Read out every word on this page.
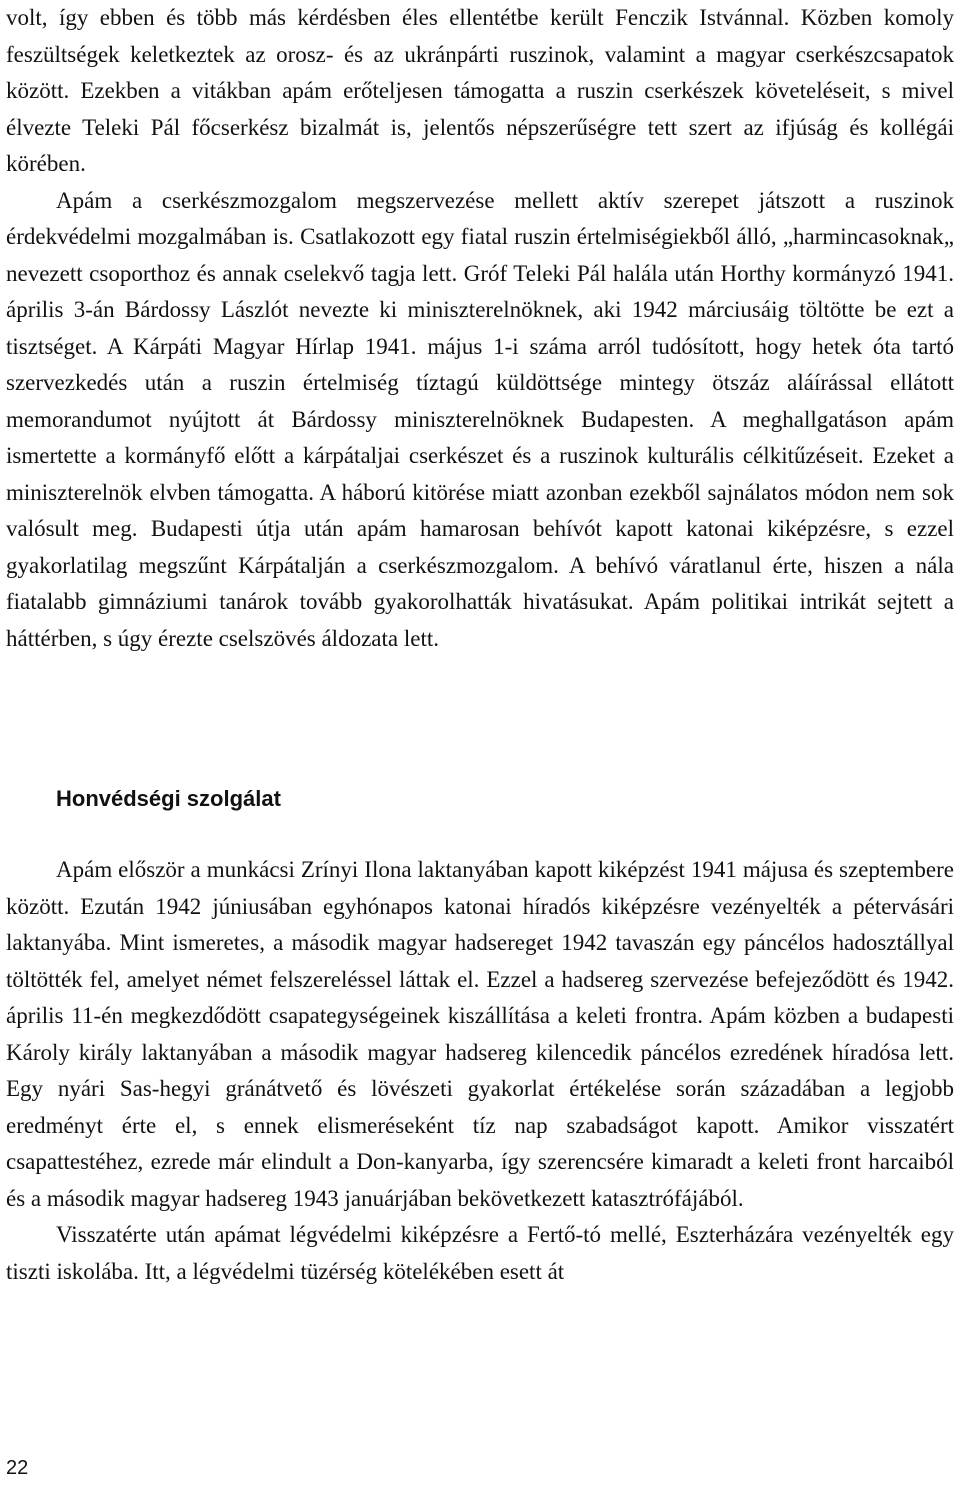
volt, így ebben és több más kérdésben éles ellentétbe került Fenczik Istvánnal. Közben komoly feszültségek keletkeztek az orosz- és az ukránpárti ruszinok, valamint a magyar cserkészcsapatok között. Ezekben a vitákban apám erőteljesen támogatta a ruszin cserkészek követeléseit, s mivel élvezte Teleki Pál főcserkész bizalmát is, jelentős népszerűségre tett szert az ifjúság és kollégái körében.

Apám a cserkészmozgalom megszervezése mellett aktív szerepet játszott a ruszinok érdekvédelmi mozgalmában is. Csatlakozott egy fiatal ruszin értelmiségiekből álló, „harmincasoknak„ nevezett csoporthoz és annak cselekvő tagja lett. Gróf Teleki Pál halála után Horthy kormányzó 1941. április 3-án Bárdossy Lászlót nevezte ki miniszterelnöknek, aki 1942 márciusáig töltötte be ezt a tisztséget. A Kárpáti Magyar Hírlap 1941. május 1-i száma arról tudósított, hogy hetek óta tartó szervezkedés után a ruszin értelmiség tíztagú küldöttsége mintegy ötszáz aláírással ellátott memorandumot nyújtott át Bárdossy miniszterelnöknek Budapesten. A meghallgatáson apám ismertette a kormányfő előtt a kárpátaljai cserkészet és a ruszinok kulturális célkitűzéseit. Ezeket a miniszterelnök elvben támogatta. A háború kitörése miatt azonban ezekből sajnálatos módon nem sok valósult meg. Budapesti útja után apám hamarosan behívót kapott katonai kiképzésre, s ezzel gyakorlatilag megszűnt Kárpátalján a cserkészmozgalom. A behívó váratlanul érte, hiszen a nála fiatalabb gimnáziumi tanárok tovább gyakorolhatták hivatásukat. Apám politikai intrikát sejtett a háttérben, s úgy érezte cselszövés áldozata lett.

Honvédségi szolgálat

Apám először a munkácsi Zrínyi Ilona laktanyában kapott kiképzést 1941 májusa és szeptembere között. Ezután 1942 júniusában egyhónapos katonai híradós kiképzésre vezényelték a pétervásári laktanyába. Mint ismeretes, a második magyar hadsereget 1942 tavaszán egy páncélos hadosztállyal töltötték fel, amelyet német felszereléssel láttak el. Ezzel a hadsereg szervezése befejeződött és 1942. április 11-én megkezdődött csapategységeinek kiszállítása a keleti frontra. Apám közben a budapesti Károly király laktanyában a második magyar hadsereg kilencedik páncélos ezredének híradósa lett. Egy nyári Sas-hegyi gránátvető és lövészeti gyakorlat értékelése során századában a legjobb eredményt érte el, s ennek elismeréseként tíz nap szabadságot kapott. Amikor visszatért csapattestéhez, ezrede már elindult a Don-kanyarba, így szerencsére kimaradt a keleti front harcaiból és a második magyar hadsereg 1943 januárjában bekövetkezett katasztrófájából.

Visszatérte után apámat légvédelmi kiképzésre a Fertő-tó mellé, Eszterházára vezényelték egy tiszti iskolába. Itt, a légvédelmi tüzérség kötelékében esett át

22
